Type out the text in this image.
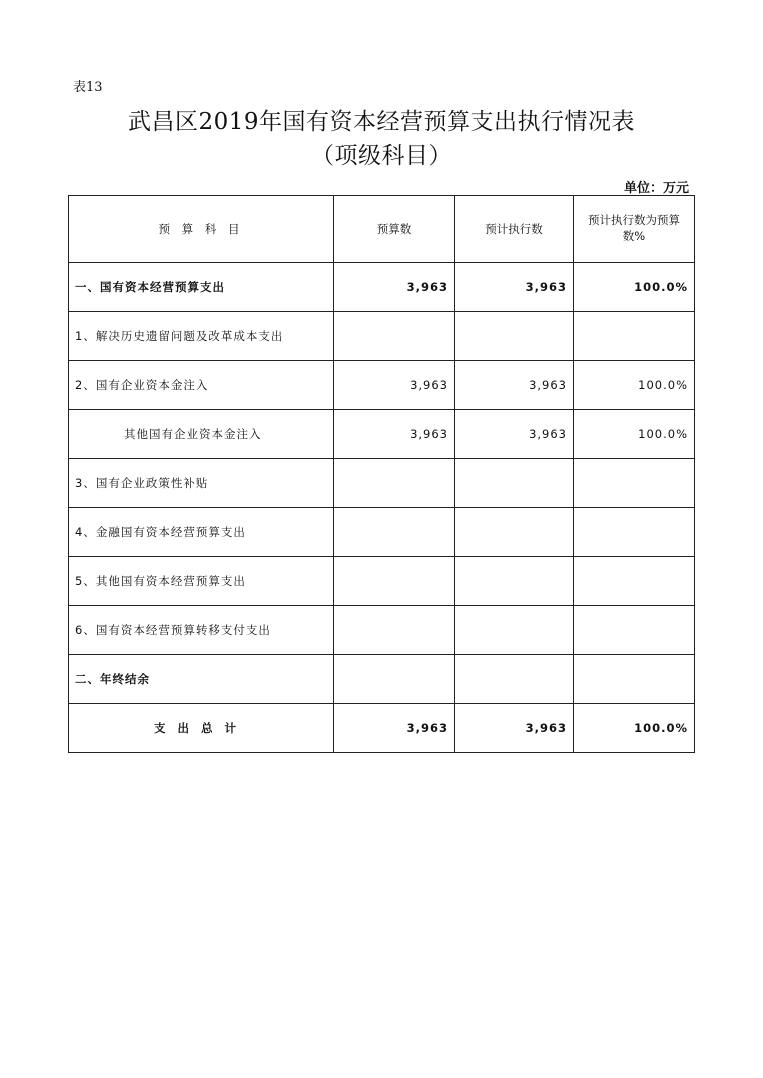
表13
武昌区2019年国有资本经营预算支出执行情况表
（项级科目）
单位：万元
预 算 科 目	预算数	预计执行数	预计执行数为预算数%
一、国有资本经营预算支出	3,963	3,963	100.0%
1、解决历史遗留问题及改革成本支出			
2、国有企业资本金注入	3,963	3,963	100.0%
其他国有企业资本金注入	3,963	3,963	100.0%
3、国有企业政策性补贴			
4、金融国有资本经营预算支出			
5、其他国有资本经营预算支出			
6、国有资本经营预算转移支付支出			
二、年终结余			
支出总计	3,963	3,963	100.0%
